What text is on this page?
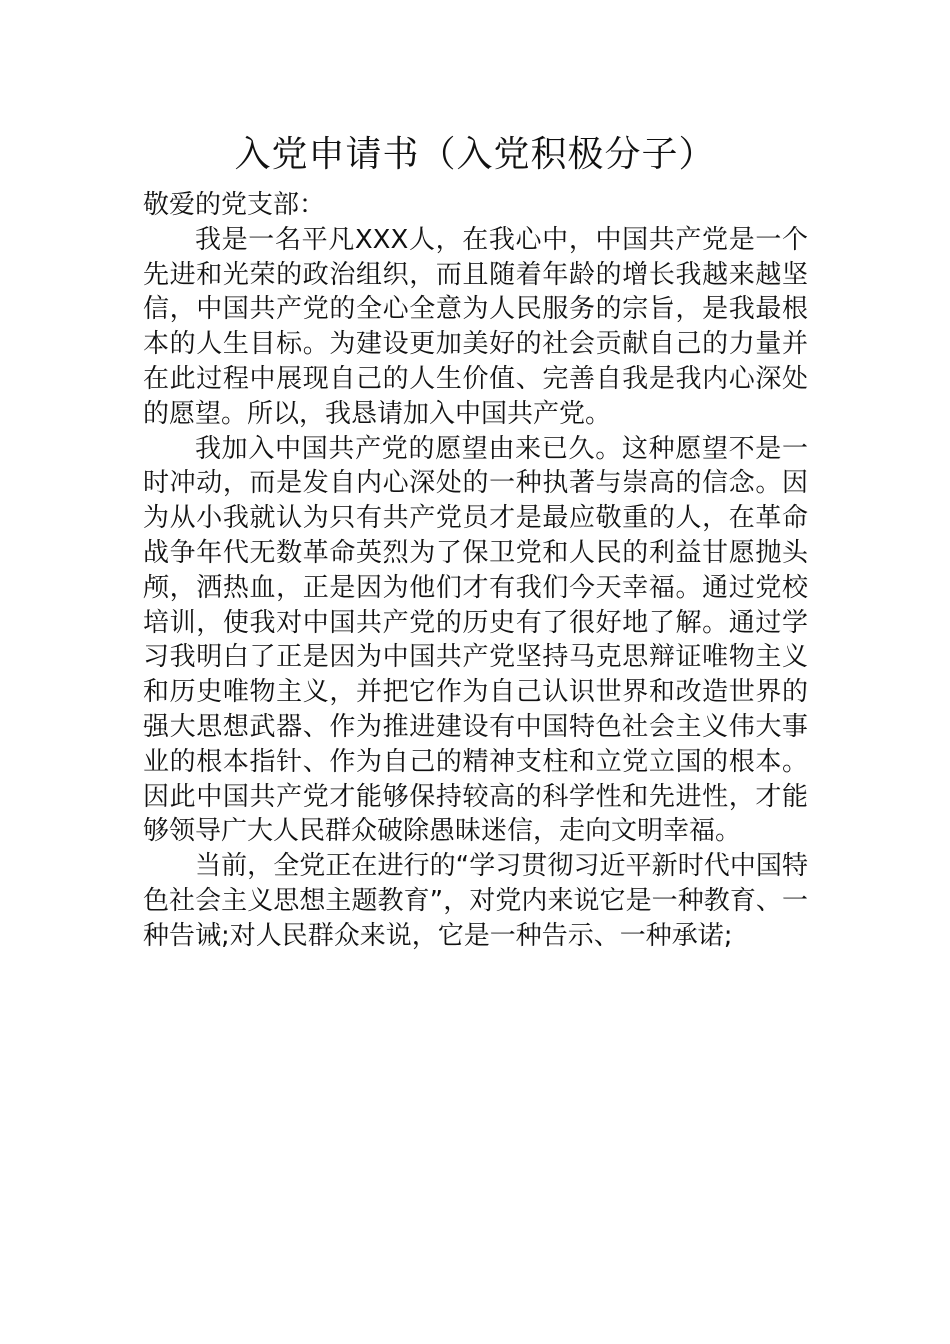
入党申请书（入党积极分子）

敬爱的党支部：

我是一名平凡XXX人，在我心中，中国共产党是一个先进和光荣的政治组织，而且随着年龄的增长我越来越坚信，中国共产党的全心全意为人民服务的宗旨，是我最根本的人生目标。为建设更加美好的社会贡献自己的力量并在此过程中展现自己的人生价值、完善自我是我内心深处的愿望。所以，我恳请加入中国共产党。

我加入中国共产党的愿望由来已久。这种愿望不是一时冲动，而是发自内心深处的一种执著与崇高的信念。因为从小我就认为只有共产党员才是最应敬重的人，在革命战争年代无数革命英烈为了保卫党和人民的利益甘愿抛头颅，洒热血，正是因为他们才有我们今天幸福。通过党校培训，使我对中国共产党的历史有了很好地了解。通过学习我明白了正是因为中国共产党坚持马克思辩证唯物主义和历史唯物主义，并把它作为自己认识世界和改造世界的强大思想武器、作为推进建设有中国特色社会主义伟大事业的根本指针、作为自己的精神支柱和立党立国的根本。因此中国共产党才能够保持较高的科学性和先进性，才能够领导广大人民群众破除愚昧迷信，走向文明幸福。

当前，全党正在进行的“学习贯彻习近平新时代中国特色社会主义思想主题教育”，对党内来说它是一种教育、一种告诫;对人民群众来说，它是一种告示、一种承诺;
